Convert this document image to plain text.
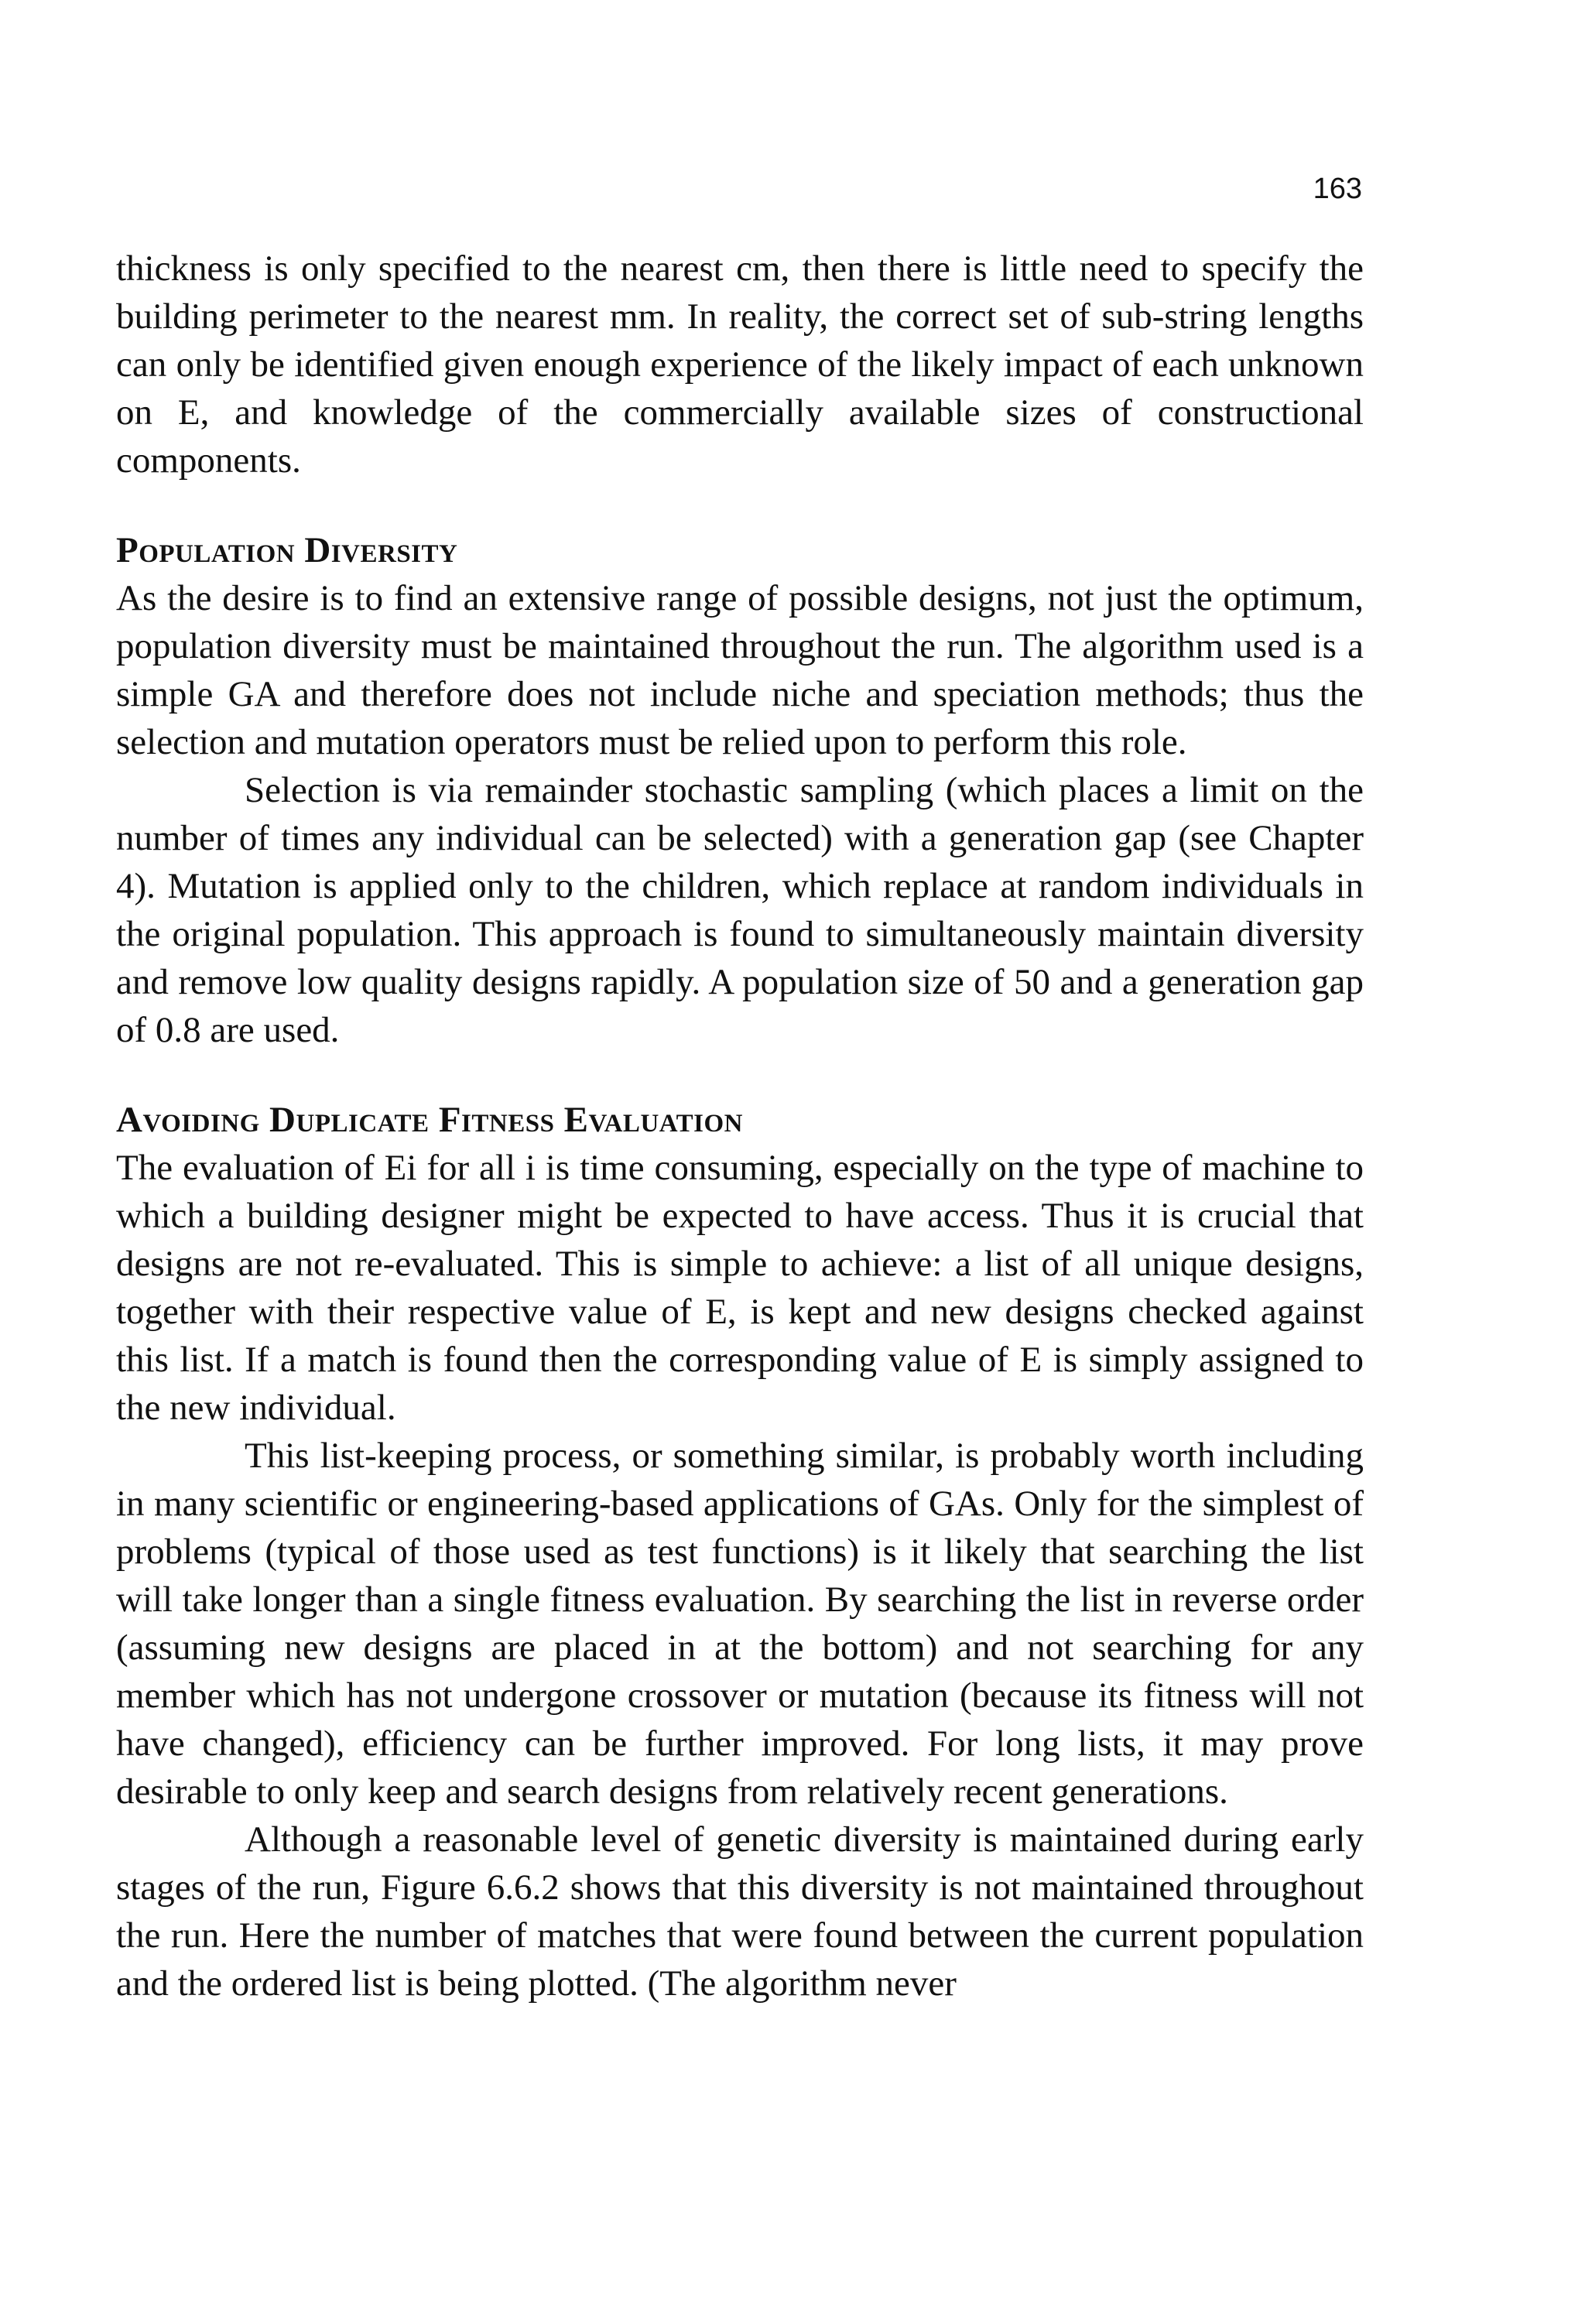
163

thickness is only specified to the nearest cm, then there is little need to specify the building perimeter to the nearest mm. In reality, the correct set of sub-string lengths can only be identified given enough experience of the likely impact of each unknown on E, and knowledge of the commercially available sizes of constructional components.

Population Diversity

As the desire is to find an extensive range of possible designs, not just the optimum, population diversity must be maintained throughout the run. The algorithm used is a simple GA and therefore does not include niche and speciation methods; thus the selection and mutation operators must be relied upon to perform this role.

Selection is via remainder stochastic sampling (which places a limit on the number of times any individual can be selected) with a generation gap (see Chapter 4). Mutation is applied only to the children, which replace at random individuals in the original population. This approach is found to simultaneously maintain diversity and remove low quality designs rapidly. A population size of 50 and a generation gap of 0.8 are used.

Avoiding Duplicate Fitness Evaluation

The evaluation of Ei for all i is time consuming, especially on the type of machine to which a building designer might be expected to have access. Thus it is crucial that designs are not re-evaluated. This is simple to achieve: a list of all unique designs, together with their respective value of E, is kept and new designs checked against this list. If a match is found then the corresponding value of E is simply assigned to the new individual.

This list-keeping process, or something similar, is probably worth including in many scientific or engineering-based applications of GAs. Only for the simplest of problems (typical of those used as test functions) is it likely that searching the list will take longer than a single fitness evaluation. By searching the list in reverse order (assuming new designs are placed in at the bottom) and not searching for any member which has not undergone crossover or mutation (because its fitness will not have changed), efficiency can be further improved. For long lists, it may prove desirable to only keep and search designs from relatively recent generations.

Although a reasonable level of genetic diversity is maintained during early stages of the run, Figure 6.6.2 shows that this diversity is not maintained throughout the run. Here the number of matches that were found between the current population and the ordered list is being plotted. (The algorithm never
